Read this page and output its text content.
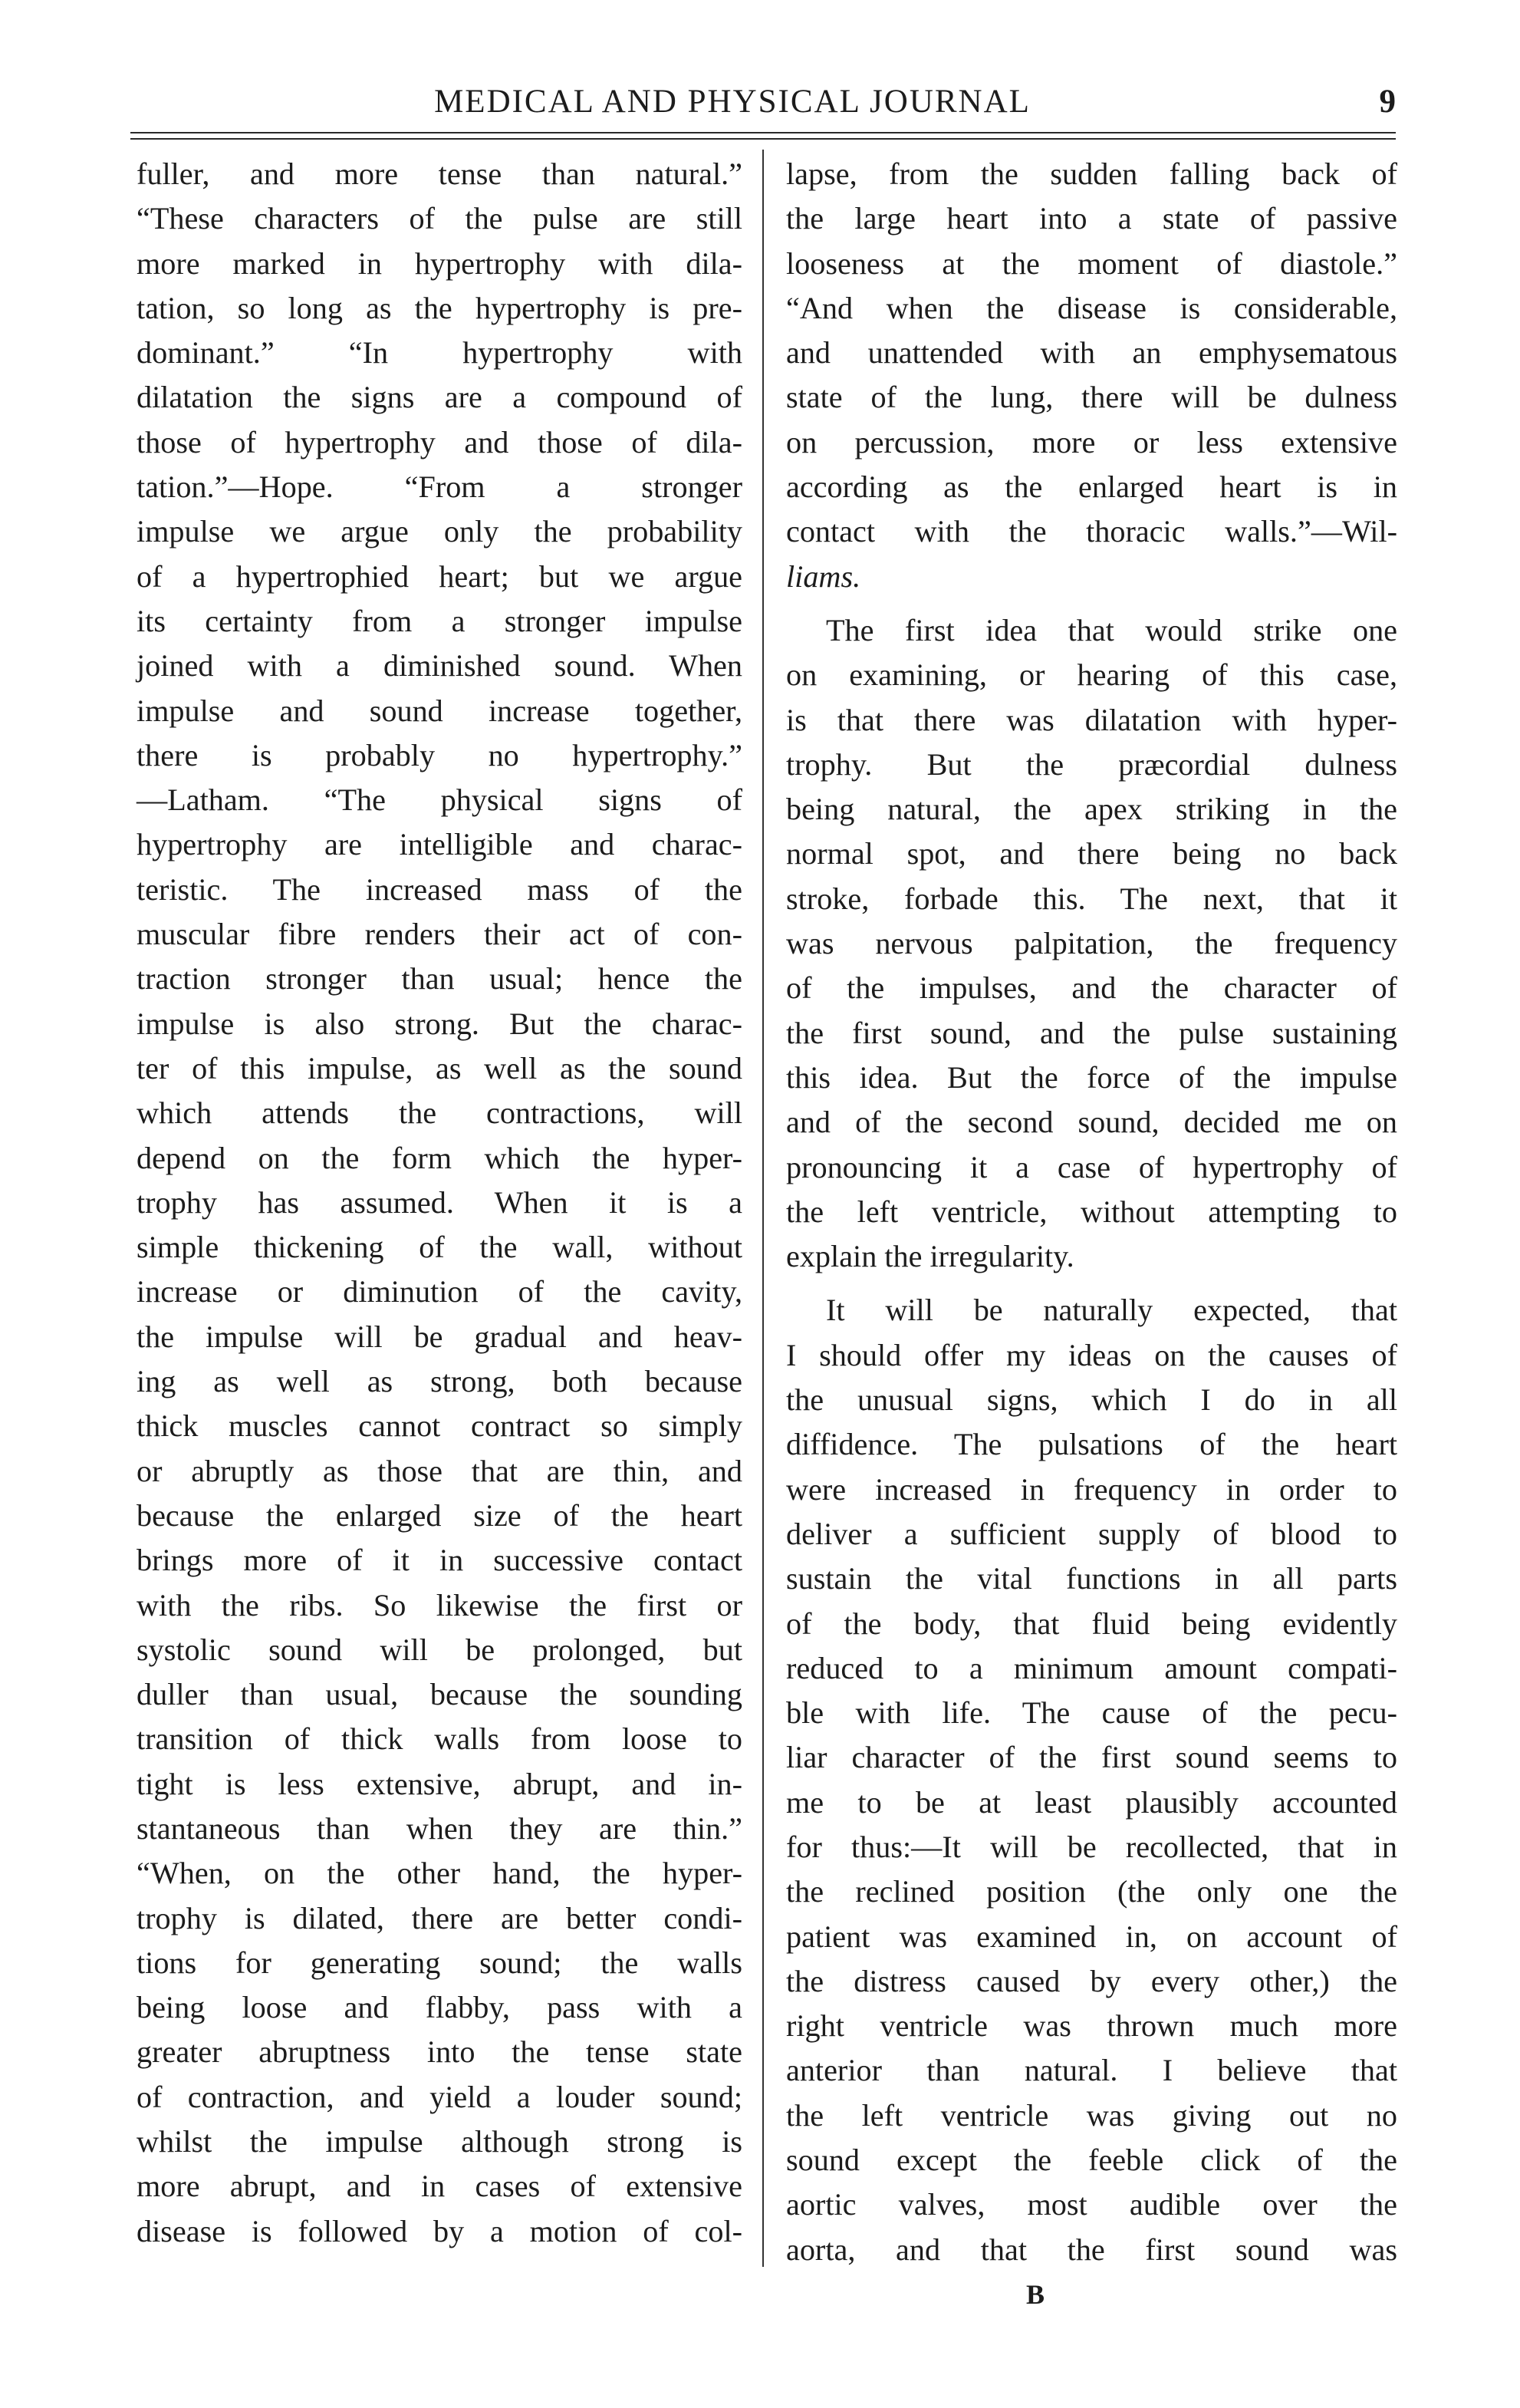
MEDICAL AND PHYSICAL JOURNAL	9
fuller, and more tense than natural.”
“These characters of the pulse are still
more marked in hypertrophy with dila-
tation, so long as the hypertrophy is pre-
dominant.” “In hypertrophy with
dilatation the signs are a compound of
those of hypertrophy and those of dila-
tation.”—Hope. “From a stronger
impulse we argue only the probability
of a hypertrophied heart; but we argue
its certainty from a stronger impulse
joined with a diminished sound. When
impulse and sound increase together,
there is probably no hypertrophy.”
—Latham. “The physical signs of
hypertrophy are intelligible and charac-
teristic. The increased mass of the
muscular fibre renders their act of con-
traction stronger than usual; hence the
impulse is also strong. But the charac-
ter of this impulse, as well as the sound
which attends the contractions, will
depend on the form which the hyper-
trophy has assumed. When it is a
simple thickening of the wall, without
increase or diminution of the cavity,
the impulse will be gradual and heav-
ing as well as strong, both because
thick muscles cannot contract so simply
or abruptly as those that are thin, and
because the enlarged size of the heart
brings more of it in successive contact
with the ribs. So likewise the first or
systolic sound will be prolonged, but
duller than usual, because the sounding
transition of thick walls from loose to
tight is less extensive, abrupt, and in-
stantaneous than when they are thin.”
“When, on the other hand, the hyper-
trophy is dilated, there are better condi-
tions for generating sound; the walls
being loose and flabby, pass with a
greater abruptness into the tense state
of contraction, and yield a louder sound;
whilst the impulse although strong is
more abrupt, and in cases of extensive
disease is followed by a motion of col-
lapse, from the sudden falling back of
the large heart into a state of passive
looseness at the moment of diastole.”
“And when the disease is considerable,
and unattended with an emphysematous
state of the lung, there will be dulness
on percussion, more or less extensive
according as the enlarged heart is in
contact with the thoracic walls.”—Wil-
liams.
The first idea that would strike one
on examining, or hearing of this case,
is that there was dilatation with hyper-
trophy. But the præcordial dulness
being natural, the apex striking in the
normal spot, and there being no back
stroke, forbade this. The next, that it
was nervous palpitation, the frequency
of the impulses, and the character of
the first sound, and the pulse sustaining
this idea. But the force of the impulse
and of the second sound, decided me on
pronouncing it a case of hypertrophy of
the left ventricle, without attempting to
explain the irregularity.
It will be naturally expected, that
I should offer my ideas on the causes of
the unusual signs, which I do in all
diffidence. The pulsations of the heart
were increased in frequency in order to
deliver a sufficient supply of blood to
sustain the vital functions in all parts
of the body, that fluid being evidently
reduced to a minimum amount compati-
ble with life. The cause of the pecu-
liar character of the first sound seems to
me to be at least plausibly accounted
for thus:—It will be recollected, that in
the reclined position (the only one the
patient was examined in, on account of
the distress caused by every other,) the
right ventricle was thrown much more
anterior than natural. I believe that
the left ventricle was giving out no
sound except the feeble click of the
aortic valves, most audible over the
aorta, and that the first sound was
B
